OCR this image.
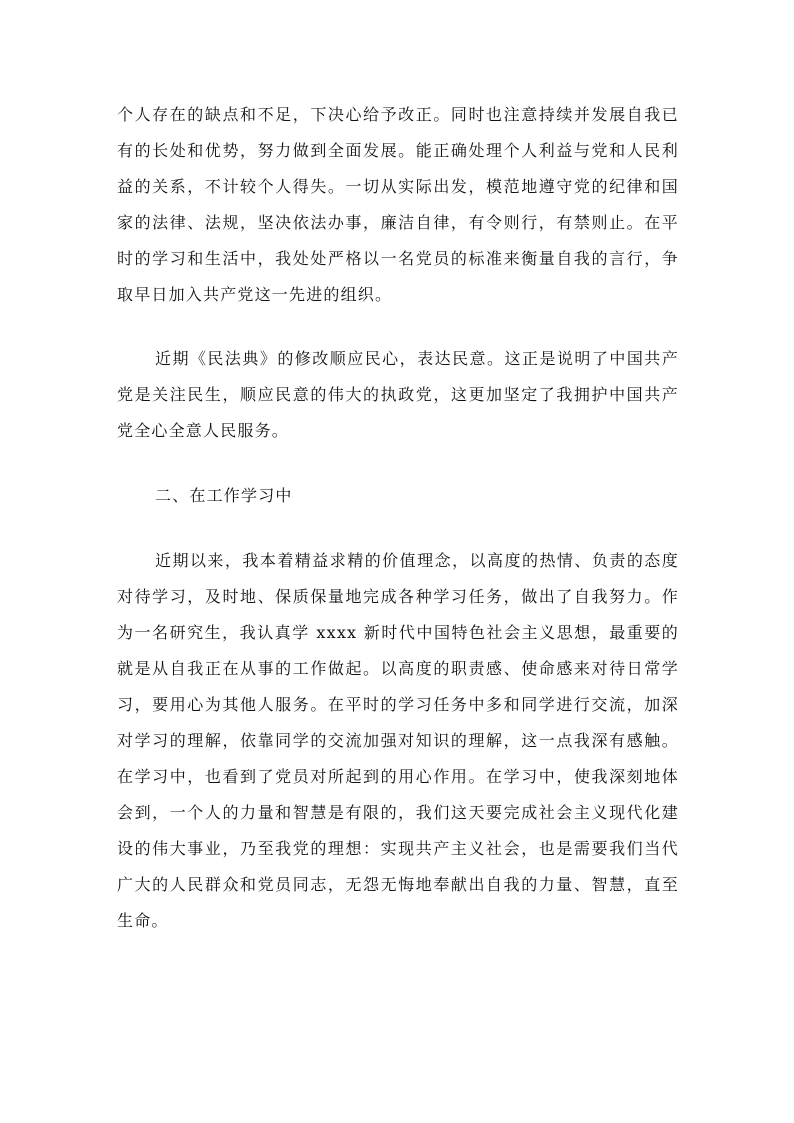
个人存在的缺点和不足，下决心给予改正。同时也注意持续并发展自我已有的长处和优势，努力做到全面发展。能正确处理个人利益与党和人民利益的关系，不计较个人得失。一切从实际出发，模范地遵守党的纪律和国家的法律、法规，坚决依法办事，廉洁自律，有令则行，有禁则止。在平时的学习和生活中，我处处严格以一名党员的标准来衡量自我的言行，争取早日加入共产党这一先进的组织。

近期《民法典》的修改顺应民心，表达民意。这正是说明了中国共产党是关注民生，顺应民意的伟大的执政党，这更加坚定了我拥护中国共产党全心全意人民服务。

二、在工作学习中

近期以来，我本着精益求精的价值理念，以高度的热情、负责的态度对待学习，及时地、保质保量地完成各种学习任务，做出了自我努力。作为一名研究生，我认真学 xxxx 新时代中国特色社会主义思想，最重要的就是从自我正在从事的工作做起。以高度的职责感、使命感来对待日常学习，要用心为其他人服务。在平时的学习任务中多和同学进行交流，加深对学习的理解，依靠同学的交流加强对知识的理解，这一点我深有感触。在学习中，也看到了党员对所起到的用心作用。在学习中，使我深刻地体会到，一个人的力量和智慧是有限的，我们这天要完成社会主义现代化建设的伟大事业，乃至我党的理想：实现共产主义社会，也是需要我们当代广大的人民群众和党员同志，无怨无悔地奉献出自我的力量、智慧，直至生命。
